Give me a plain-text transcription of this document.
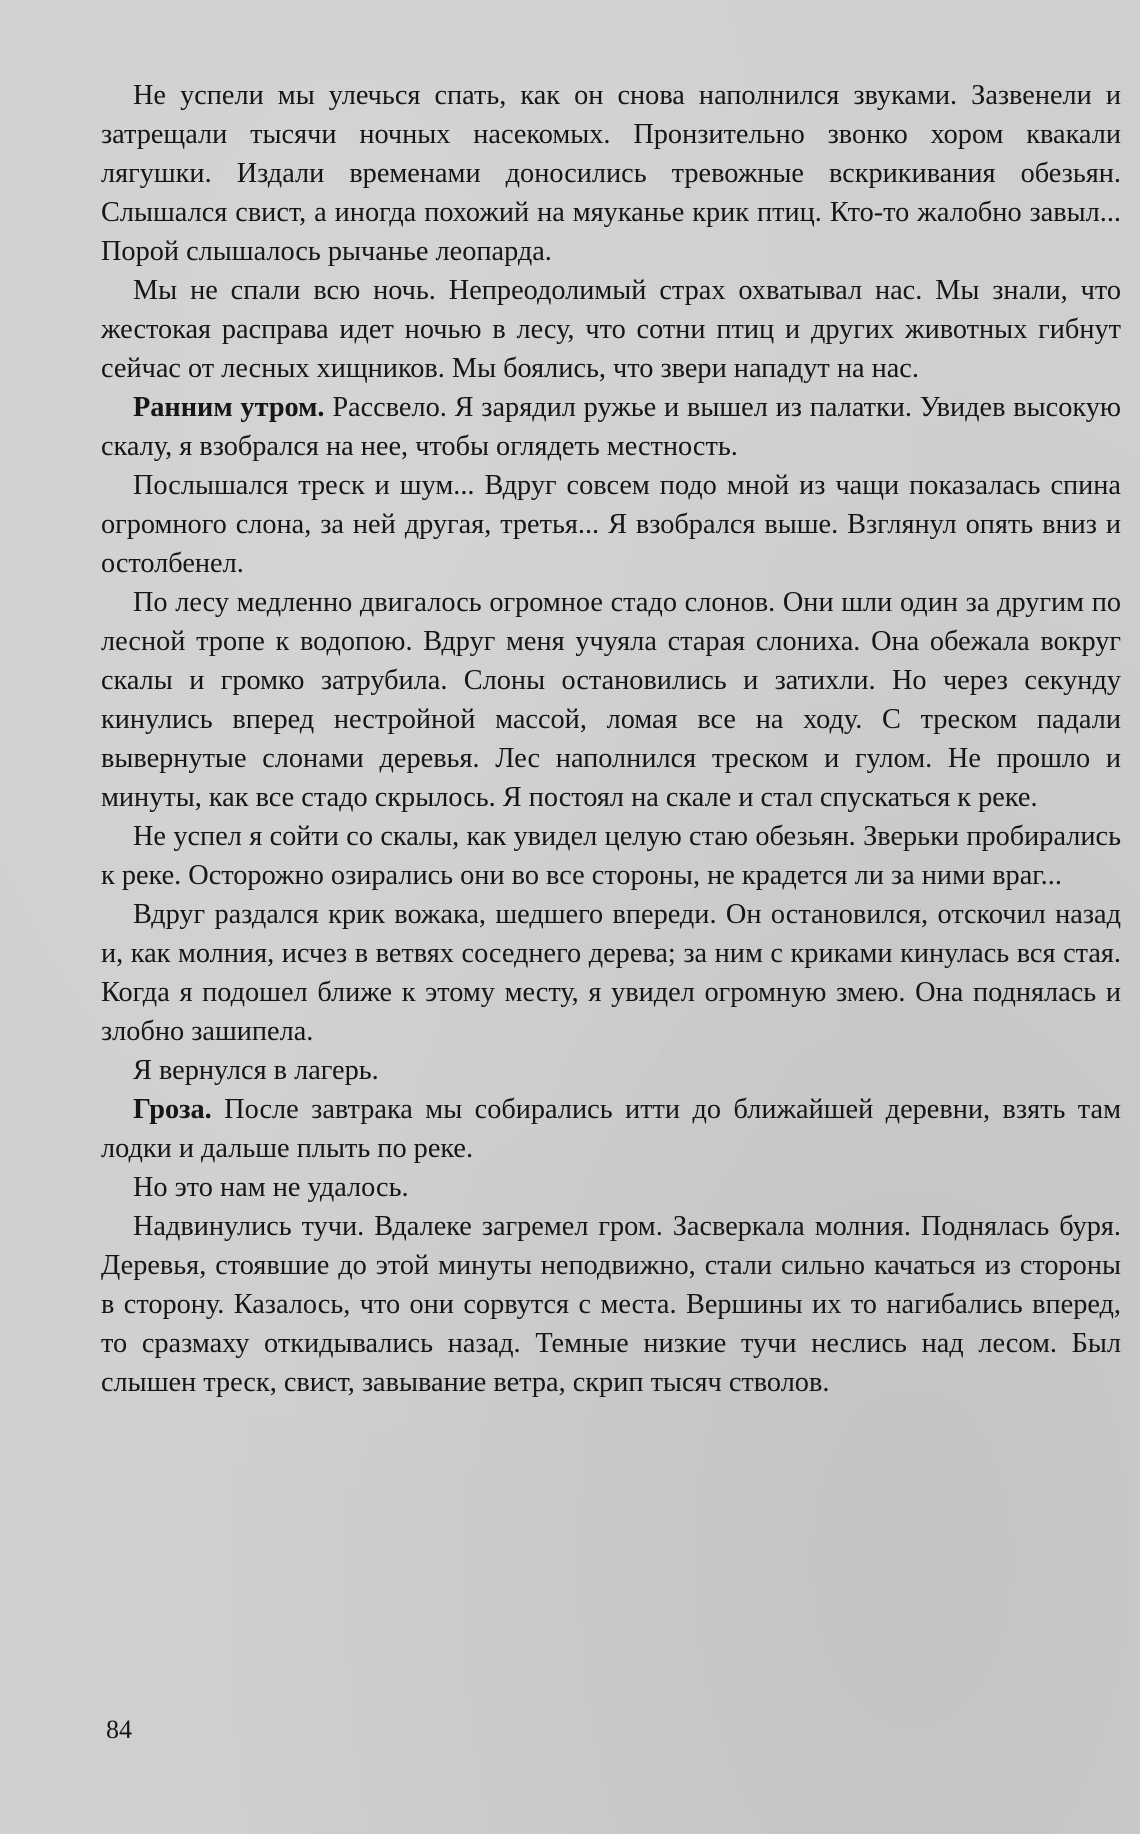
Не успели мы улечься спать, как он снова наполнился звуками. Зазвенели и затрещали тысячи ночных насекомых. Пронзительно звонко хором квакали лягушки. Издали временами доносились тревожные вскрикивания обезьян. Слышался свист, а иногда похожий на мяуканье крик птиц. Кто-то жалобно завыл... Порой слышалось рычанье леопарда.

Мы не спали всю ночь. Непреодолимый страх охватывал нас. Мы знали, что жестокая расправа идет ночью в лесу, что сотни птиц и других животных гибнут сейчас от лесных хищников. Мы боялись, что звери нападут на нас.

Ранним утром. Рассвело. Я зарядил ружье и вышел из палатки. Увидев высокую скалу, я взобрался на нее, чтобы оглядеть местность.

Послышался треск и шум... Вдруг совсем подо мной из чащи показалась спина огромного слона, за ней другая, третья... Я взобрался выше. Взглянул опять вниз и остолбенел.

По лесу медленно двигалось огромное стадо слонов. Они шли один за другим по лесной тропе к водопою. Вдруг меня учуяла старая слониха. Она обежала вокруг скалы и громко затрубила. Слоны остановились и затихли. Но через секунду кинулись вперед нестройной массой, ломая все на ходу. С треском падали вывернутые слонами деревья. Лес наполнился треском и гулом. Не прошло и минуты, как все стадо скрылось. Я постоял на скале и стал спускаться к реке.

Не успел я сойти со скалы, как увидел целую стаю обезьян. Зверьки пробирались к реке. Осторожно озирались они во все стороны, не крадется ли за ними враг...

Вдруг раздался крик вожака, шедшего впереди. Он остановился, отскочил назад и, как молния, исчез в ветвях соседнего дерева; за ним с криками кинулась вся стая. Когда я подошел ближе к этому месту, я увидел огромную змею. Она поднялась и злобно зашипела.

Я вернулся в лагерь.

Гроза. После завтрака мы собирались итти до ближайшей деревни, взять там лодки и дальше плыть по реке.

Но это нам не удалось.

Надвинулись тучи. Вдалеке загремел гром. Засверкала молния. Поднялась буря. Деревья, стоявшие до этой минуты неподвижно, стали сильно качаться из стороны в сторону. Казалось, что они сорвутся с места. Вершины их то нагибались вперед, то сразмаху откидывались назад. Темные низкие тучи неслись над лесом. Был слышен треск, свист, завывание ветра, скрип тысяч стволов.

84
